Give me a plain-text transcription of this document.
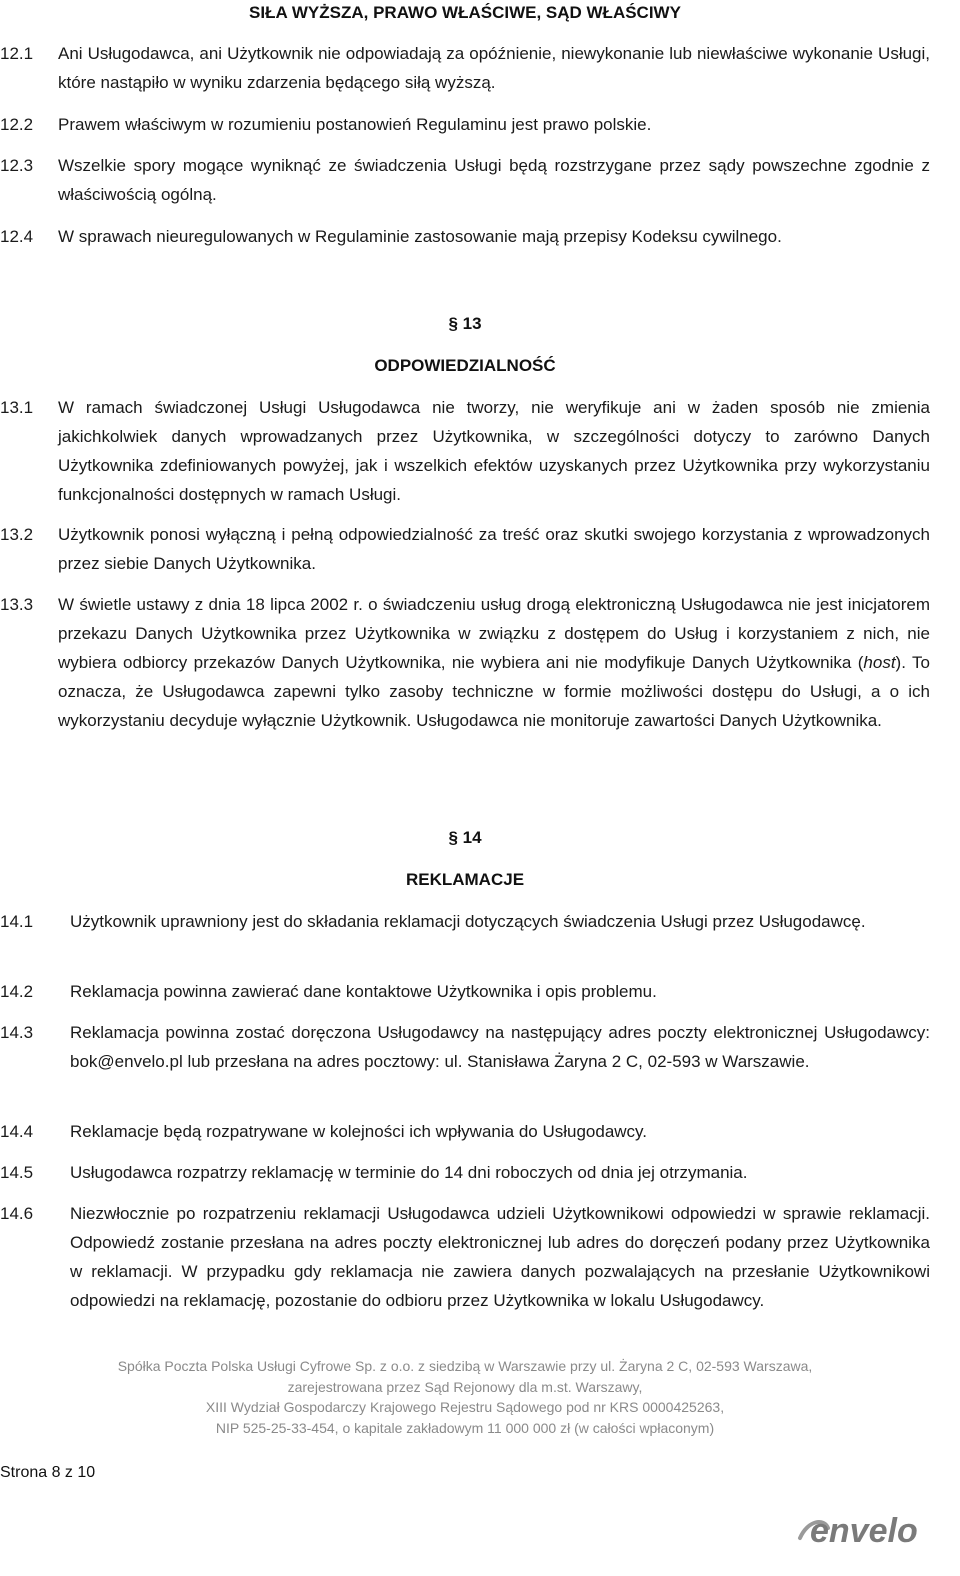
SIŁA WYŻSZA, PRAWO WŁAŚCIWE, SĄD WŁAŚCIWY
12.1	Ani Usługodawca, ani Użytkownik nie odpowiadają za opóźnienie, niewykonanie lub niewłaściwe wykonanie Usługi, które nastąpiło w wyniku zdarzenia będącego siłą wyższą.
12.2	Prawem właściwym w rozumieniu postanowień Regulaminu jest prawo polskie.
12.3	Wszelkie spory mogące wyniknąć ze świadczenia Usługi będą rozstrzygane przez sądy powszechne zgodnie z właściwością ogólną.
12.4	W sprawach nieuregulowanych w Regulaminie zastosowanie mają przepisy Kodeksu cywilnego.
§ 13
ODPOWIEDZIALNOŚĆ
13.1	W ramach świadczonej Usługi Usługodawca nie tworzy, nie weryfikuje ani w żaden sposób nie zmienia jakichkolwiek danych wprowadzanych przez Użytkownika, w szczególności dotyczy to zarówno Danych Użytkownika zdefiniowanych powyżej, jak i wszelkich efektów uzyskanych przez Użytkownika przy wykorzystaniu funkcjonalności dostępnych w ramach Usługi.
13.2	Użytkownik ponosi wyłączną i pełną odpowiedzialność za treść oraz skutki swojego korzystania z wprowadzonych przez siebie Danych Użytkownika.
13.3	W świetle ustawy z dnia 18 lipca 2002 r. o świadczeniu usług drogą elektroniczną Usługodawca nie jest inicjatorem przekazu Danych Użytkownika przez Użytkownika w związku z dostępem do Usług i korzystaniem z nich, nie wybiera odbiorcy przekazów Danych Użytkownika, nie wybiera ani nie modyfikuje Danych Użytkownika (host). To oznacza, że Usługodawca zapewni tylko zasoby techniczne w formie możliwości dostępu do Usługi, a o ich wykorzystaniu decyduje wyłącznie Użytkownik. Usługodawca nie monitoruje zawartości Danych Użytkownika.
§ 14
REKLAMACJE
14.1	Użytkownik uprawniony jest do składania reklamacji dotyczących świadczenia Usługi przez Usługodawcę.
14.2	Reklamacja powinna zawierać dane kontaktowe Użytkownika i opis problemu.
14.3	Reklamacja powinna zostać doręczona Usługodawcy na następujący adres poczty elektronicznej Usługodawcy: bok@envelo.pl lub przesłana na adres pocztowy: ul. Stanisława Żaryna 2 C, 02-593 w Warszawie.
14.4	Reklamacje będą rozpatrywane w kolejności ich wpływania do Usługodawcy.
14.5	Usługodawca rozpatrzy reklamację w terminie do 14 dni roboczych od dnia jej otrzymania.
14.6	Niezwłocznie po rozpatrzeniu reklamacji Usługodawca udzieli Użytkownikowi odpowiedzi w sprawie reklamacji. Odpowiedź zostanie przesłana na adres poczty elektronicznej lub adres do doręczeń podany przez Użytkownika w reklamacji. W przypadku gdy reklamacja nie zawiera danych pozwalających na przesłanie Użytkownikowi odpowiedzi na reklamację, pozostanie do odbioru przez Użytkownika w lokalu Usługodawcy.
Spółka Poczta Polska Usługi Cyfrowe Sp. z o.o. z siedzibą w Warszawie przy ul. Żaryna 2 C, 02-593 Warszawa,
zarejestrowana przez Sąd Rejonowy dla m.st. Warszawy,
XIII Wydział Gospodarczy Krajowego Rejestru Sądowego pod nr KRS 0000425263,
NIP 525-25-33-454, o kapitale zakładowym 11 000 000 zł (w całości wpłaconym)
Strona 8 z 10
envelo
